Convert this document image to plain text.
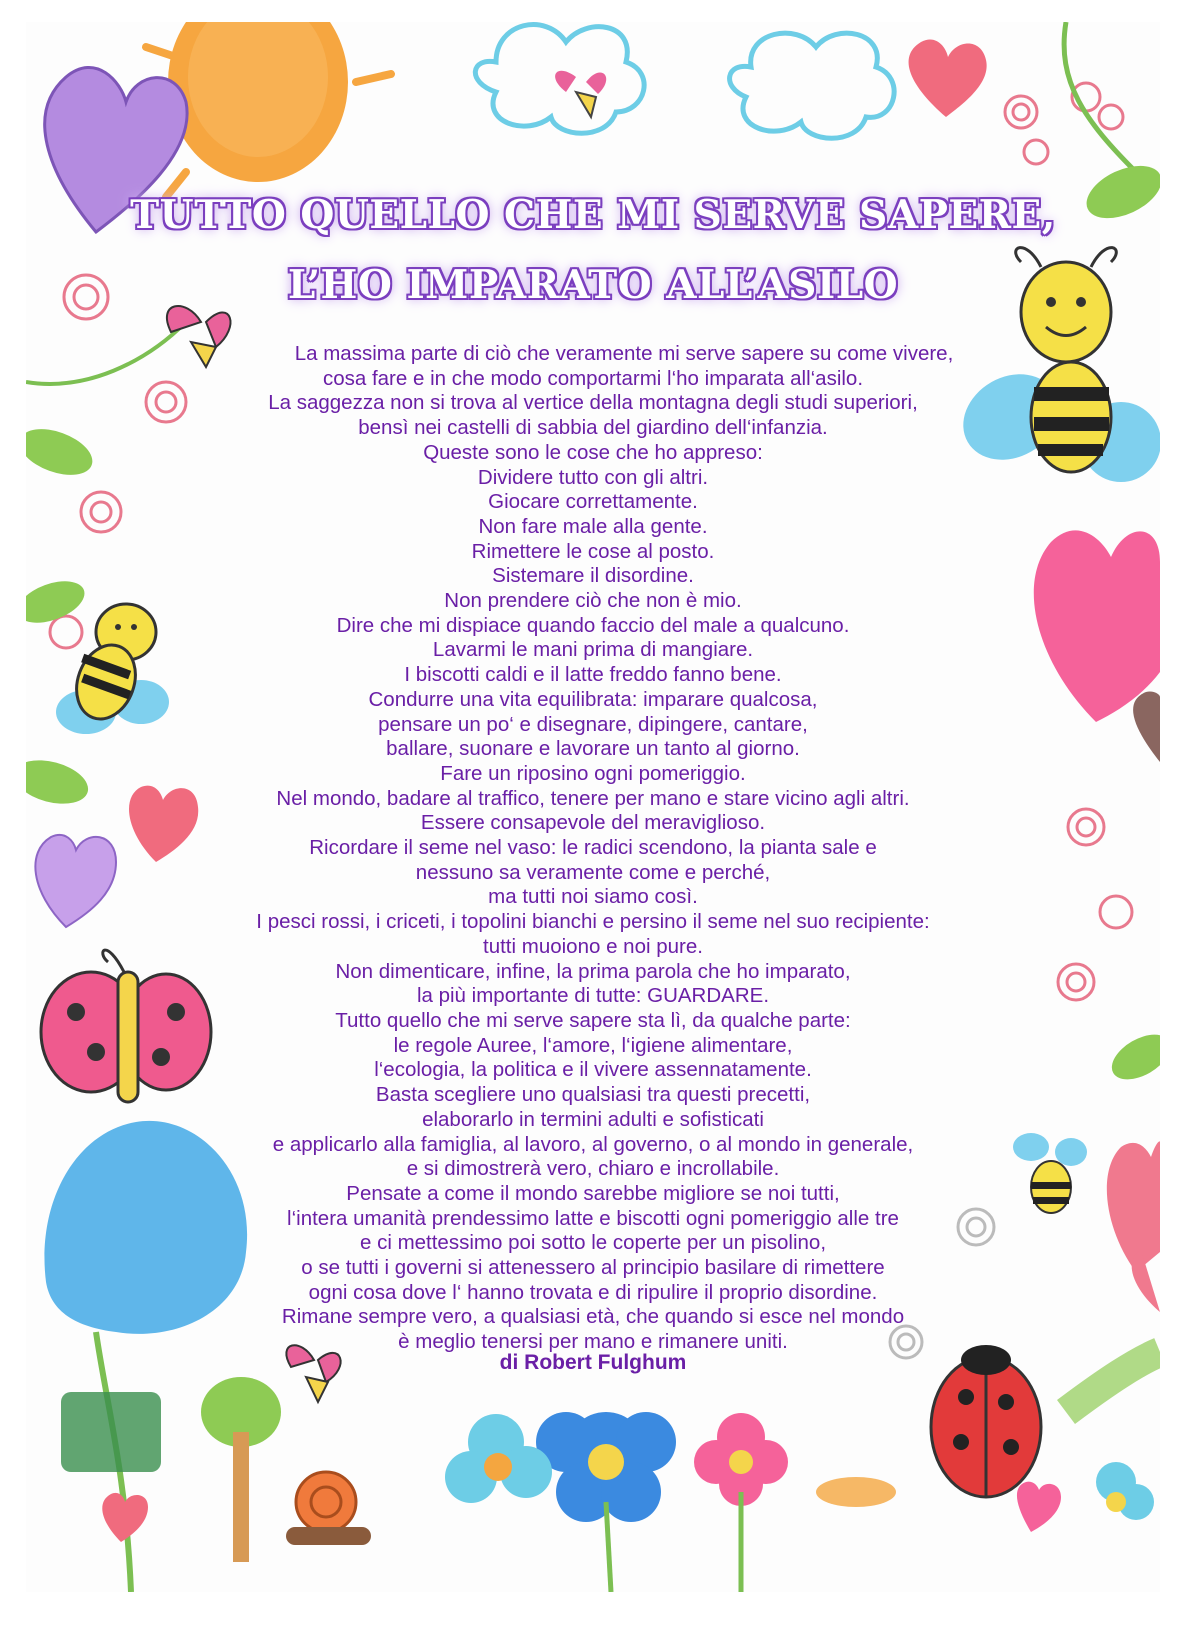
TUTTO QUELLO CHE MI SERVE SAPERE,
L’HO IMPARATO ALL’ASILO
La massima parte di ciò che veramente mi serve sapere su come vivere,
cosa fare e in che modo comportarmi l‘ho imparata all‘asilo.
La saggezza non si trova al vertice della montagna degli studi superiori,
bensì nei castelli di sabbia del giardino dell‘infanzia.
Queste sono le cose che ho appreso:
Dividere tutto con gli altri.
Giocare correttamente.
Non fare male alla gente.
Rimettere le cose al posto.
Sistemare il disordine.
Non prendere ciò che non è mio.
Dire che mi dispiace quando faccio del male a qualcuno.
Lavarmi le mani prima di mangiare.
I biscotti caldi e il latte freddo fanno bene.
Condurre una vita equilibrata: imparare qualcosa,
pensare un po‘ e disegnare, dipingere, cantare,
ballare, suonare e lavorare un tanto al giorno.
Fare un riposino ogni pomeriggio.
Nel mondo, badare al traffico, tenere per mano e stare vicino agli altri.
Essere consapevole del meraviglioso.
Ricordare il seme nel vaso: le radici scendono, la pianta sale e
nessuno sa veramente come e perché,
ma tutti noi siamo così.
I pesci rossi, i criceti, i topolini bianchi e persino il seme nel suo recipiente:
tutti muoiono e noi pure.
Non dimenticare, infine, la prima parola che ho imparato,
la più importante di tutte: GUARDARE.
Tutto quello che mi serve sapere sta lì, da qualche parte:
le regole Auree, l‘amore, l‘igiene alimentare,
l‘ecologia, la politica e il vivere assennatamente.
Basta scegliere uno qualsiasi tra questi precetti,
elaborarlo in termini adulti e sofisticati
e applicarlo alla famiglia, al lavoro, al governo, o al mondo in generale,
e si dimostrerà vero, chiaro e incrollabile.
Pensate a come il mondo sarebbe migliore se noi tutti,
l‘intera umanità prendessimo latte e biscotti ogni pomeriggio alle tre
e ci mettessimo poi sotto le coperte per un pisolino,
o se tutti i governi si attenessero al principio basilare di rimettere
ogni cosa dove l‘ hanno trovata e di ripulire il proprio disordine.
Rimane sempre vero, a qualsiasi età, che quando si esce nel mondo
è meglio tenersi per mano e rimanere uniti.
di Robert Fulghum
